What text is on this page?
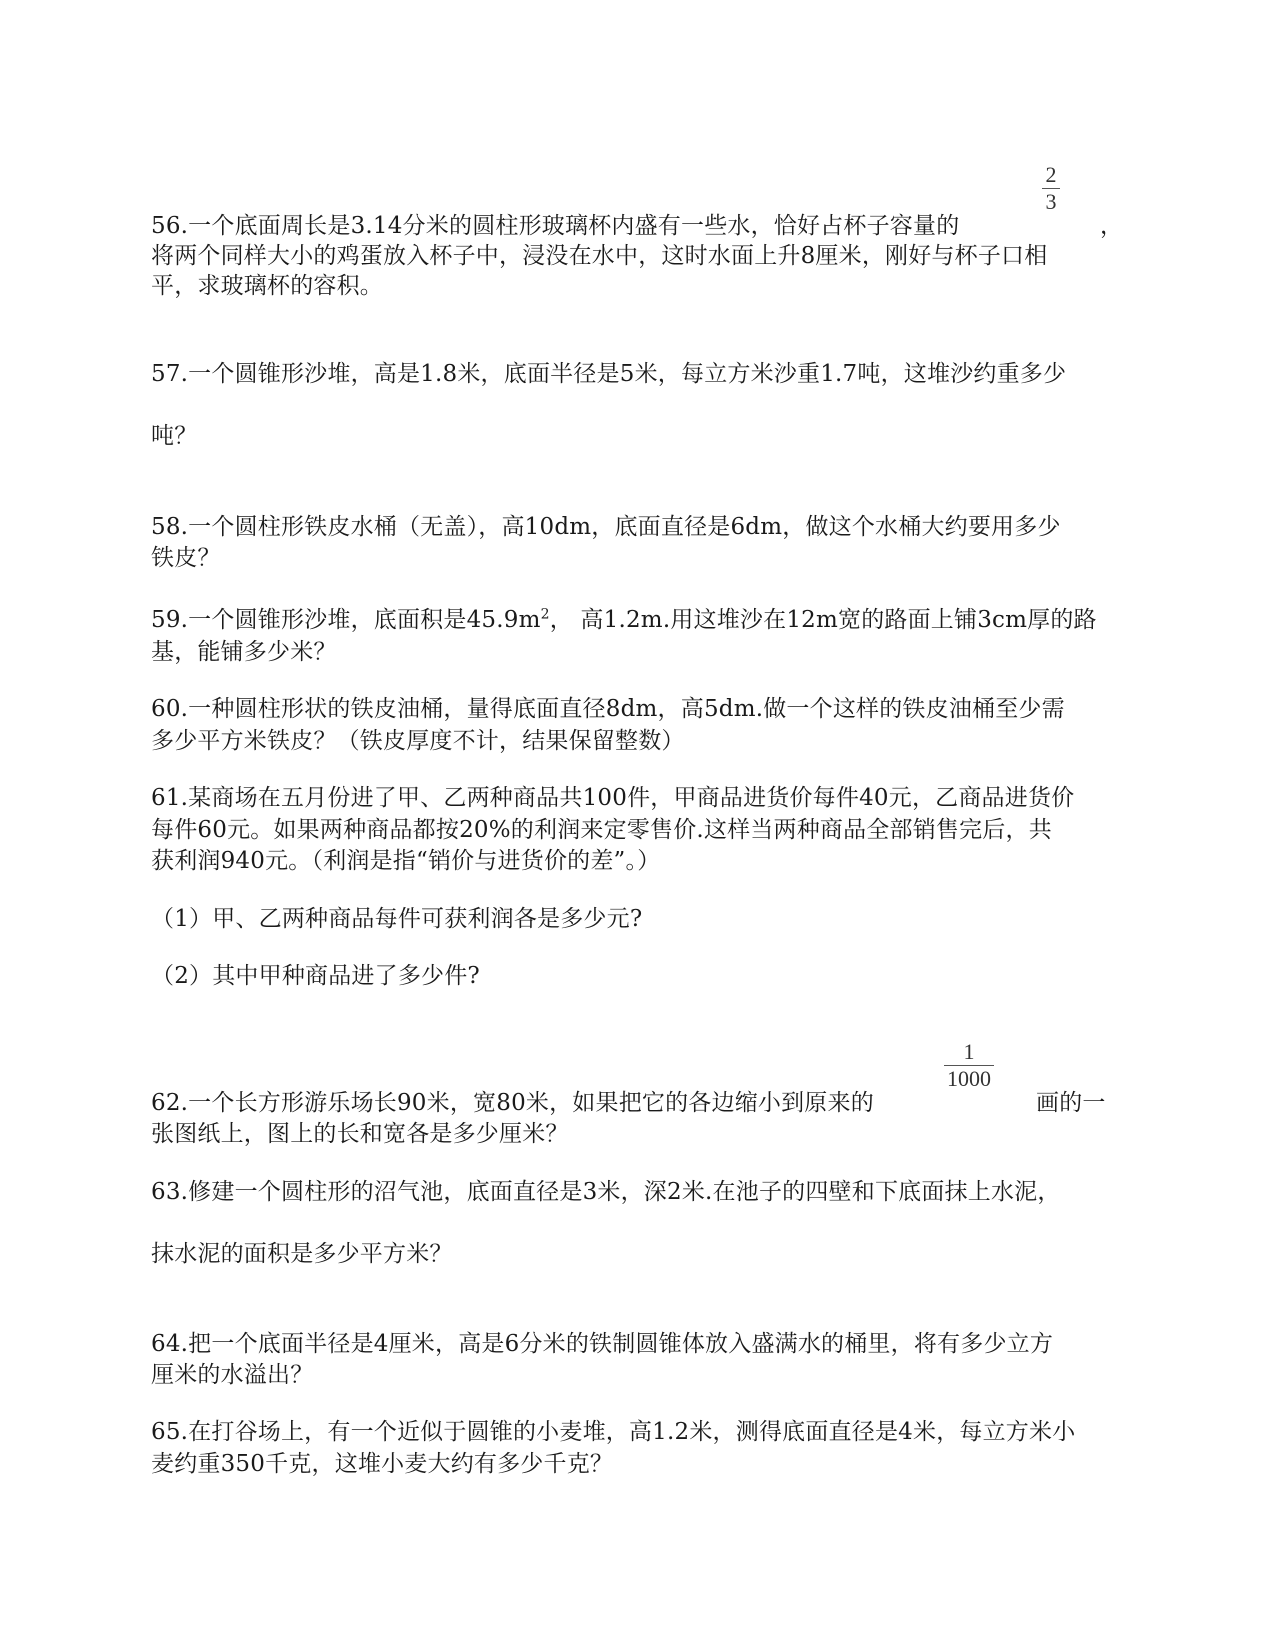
2
3
56.一个底面周长是3.14分米的圆柱形玻璃杯内盛有一些水，恰好占杯子容量的	，
将两个同样大小的鸡蛋放入杯子中，浸没在水中，这时水面上升8厘米，刚好与杯子口相
平，求玻璃杯的容积。
57.一个圆锥形沙堆，高是1.8米，底面半径是5米，每立方米沙重1.7吨，这堆沙约重多少
吨？
58.一个圆柱形铁皮水桶（无盖），高10dm，底面直径是6dm，做这个水桶大约要用多少
铁皮？
59.一个圆锥形沙堆，底面积是$45.9m^2$， 高1.2m.用这堆沙在12m宽的路面上铺3cm厚的路
基，能铺多少米？
60.一种圆柱形状的铁皮油桶，量得底面直径8dm，高5dm.做一个这样的铁皮油桶至少需
多少平方米铁皮？（铁皮厚度不计，结果保留整数）
61.某商场在五月份进了甲、乙两种商品共100件，甲商品进货价每件40元，乙商品进货价
每件60元。如果两种商品都按20%的利润来定零售价.这样当两种商品全部销售完后，共
获利润940元。（利润是指“销价与进货价的差”。）
（1）甲、乙两种商品每件可获利润各是多少元?
（2）其中甲种商品进了多少件?
1
1000
62.一个长方形游乐场长90米，宽80米，如果把它的各边缩小到原来的	画的一
张图纸上，图上的长和宽各是多少厘米？
63.修建一个圆柱形的沼气池，底面直径是3米，深2米.在池子的四壁和下底面抹上水泥，
抹水泥的面积是多少平方米？
64.把一个底面半径是4厘米，高是6分米的铁制圆锥体放入盛满水的桶里，将有多少立方
厘米的水溢出？
65.在打谷场上，有一个近似于圆锥的小麦堆，高1.2米，测得底面直径是4米，每立方米小
麦约重350千克，这堆小麦大约有多少千克？
